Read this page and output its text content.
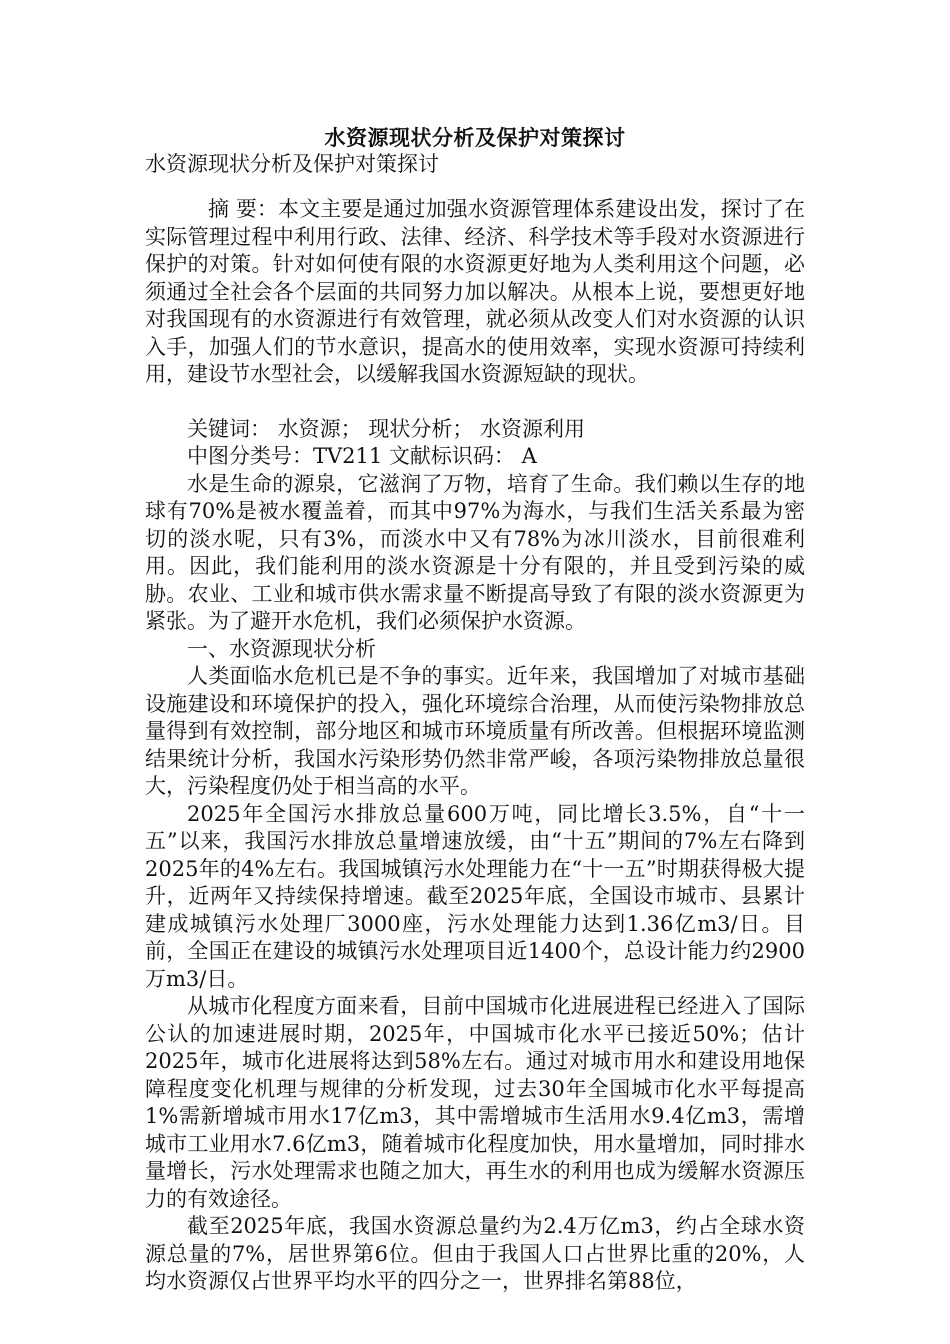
水资源现状分析及保护对策探讨
水资源现状分析及保护对策探讨

摘 要：本文主要是通过加强水资源管理体系建设出发，探讨了在实际管理过程中利用行政、法律、经济、科学技术等手段对水资源进行保护的对策。针对如何使有限的水资源更好地为人类利用这个问题，必须通过全社会各个层面的共同努力加以解决。从根本上说，要想更好地对我国现有的水资源进行有效管理，就必须从改变人们对水资源的认识入手，加强人们的节水意识，提高水的使用效率，实现水资源可持续利用，建设节水型社会，以缓解我国水资源短缺的现状。

关键词： 水资源； 现状分析； 水资源利用

中图分类号：TV211 文献标识码： A

水是生命的源泉，它滋润了万物，培育了生命。我们赖以生存的地球有70%是被水覆盖着，而其中97%为海水，与我们生活关系最为密切的淡水呢，只有3%，而淡水中又有78%为冰川淡水，目前很难利用。因此，我们能利用的淡水资源是十分有限的，并且受到污染的威胁。农业、工业和城市供水需求量不断提高导致了有限的淡水资源更为紧张。为了避开水危机，我们必须保护水资源。

一、水资源现状分析

人类面临水危机已是不争的事实。近年来，我国增加了对城市基础设施建设和环境保护的投入，强化环境综合治理，从而使污染物排放总量得到有效控制，部分地区和城市环境质量有所改善。但根据环境监测结果统计分析，我国水污染形势仍然非常严峻，各项污染物排放总量很大，污染程度仍处于相当高的水平。

2025年全国污水排放总量600万吨，同比增长3.5%，自“十一五”以来，我国污水排放总量增速放缓，由“十五”期间的7%左右降到2025年的4%左右。我国城镇污水处理能力在“十一五”时期获得极大提升，近两年又持续保持增速。截至2025年底，全国设市城市、县累计建成城镇污水处理厂3000座，污水处理能力达到1.36亿m3/日。目前，全国正在建设的城镇污水处理项目近1400个，总设计能力约2900万m3/日。

从城市化程度方面来看，目前中国城市化进展进程已经进入了国际公认的加速进展时期，2025年，中国城市化水平已接近50%；估计2025年，城市化进展将达到58%左右。通过对城市用水和建设用地保障程度变化机理与规律的分析发现，过去30年全国城市化水平每提高1%需新增城市用水17亿m3，其中需增城市生活用水9.4亿m3，需增城市工业用水7.6亿m3，随着城市化程度加快，用水量增加，同时排水量增长，污水处理需求也随之加大，再生水的利用也成为缓解水资源压力的有效途径。

截至2025年底，我国水资源总量约为2.4万亿m3，约占全球水资源总量的7%，居世界第6位。但由于我国人口占世界比重的20%，人均水资源仅占世界平均水平的四分之一，世界排名第88位，
